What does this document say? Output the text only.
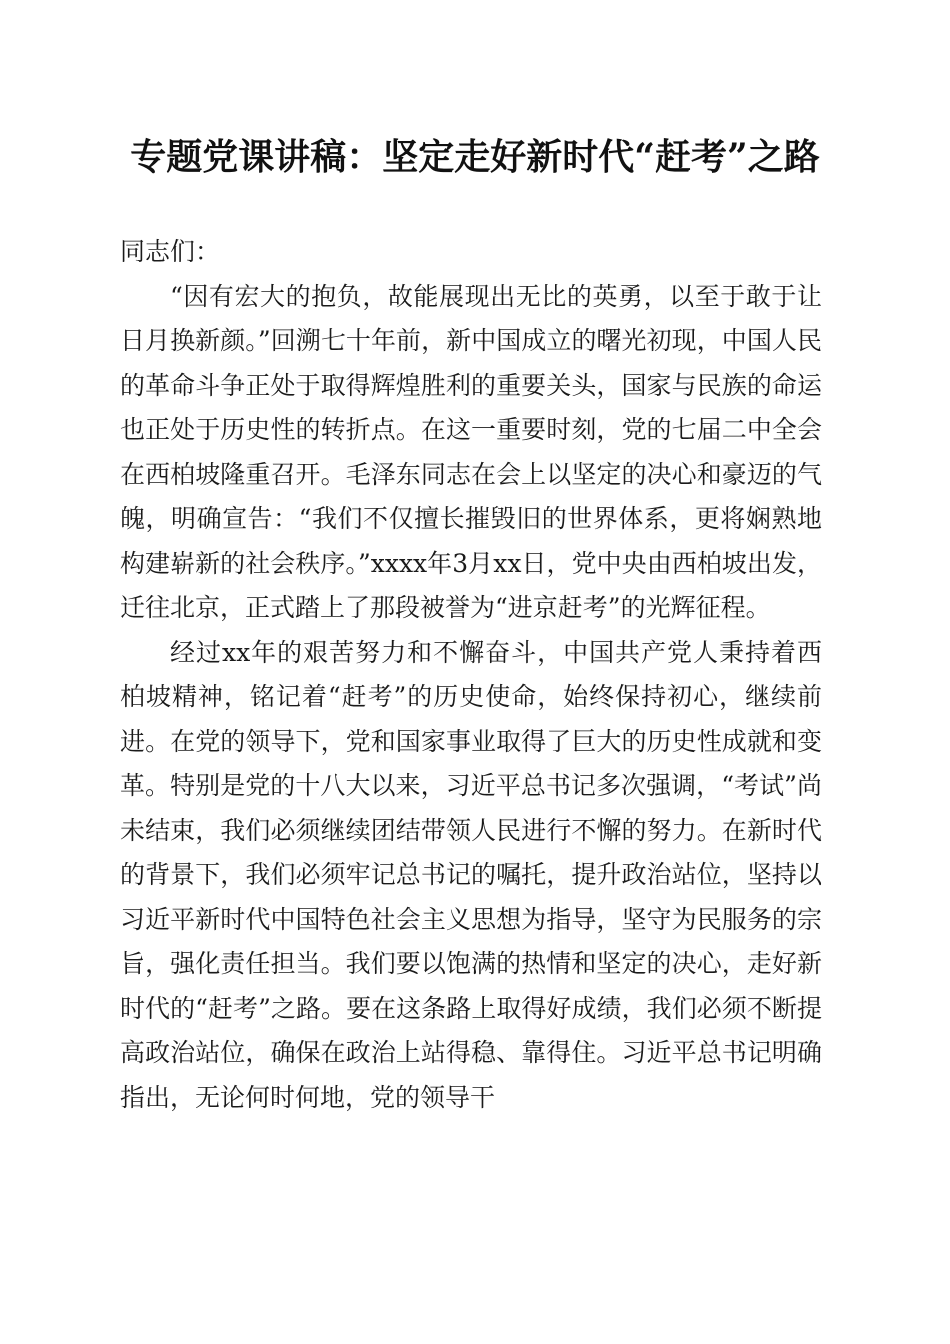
专题党课讲稿：坚定走好新时代“赶考”之路

同志们：

“因有宏大的抱负，故能展现出无比的英勇，以至于敢于让日月换新颜。”回溯七十年前，新中国成立的曙光初现，中国人民的革命斗争正处于取得辉煌胜利的重要关头，国家与民族的命运也正处于历史性的转折点。在这一重要时刻，党的七届二中全会在西柏坡隆重召开。毛泽东同志在会上以坚定的决心和豪迈的气魄，明确宣告：“我们不仅擅长摧毁旧的世界体系，更将娴熟地构建崭新的社会秩序。”xxxx年3月xx日，党中央由西柏坡出发，迁往北京，正式踏上了那段被誉为“进京赶考”的光辉征程。

经过xx年的艰苦努力和不懈奋斗，中国共产党人秉持着西柏坡精神，铭记着“赶考”的历史使命，始终保持初心，继续前进。在党的领导下，党和国家事业取得了巨大的历史性成就和变革。特别是党的十八大以来，习近平总书记多次强调，“考试”尚未结束，我们必须继续团结带领人民进行不懈的努力。在新时代的背景下，我们必须牢记总书记的嘱托，提升政治站位，坚持以习近平新时代中国特色社会主义思想为指导，坚守为民服务的宗旨，强化责任担当。我们要以饱满的热情和坚定的决心，走好新时代的“赶考”之路。要在这条路上取得好成绩，我们必须不断提高政治站位，确保在政治上站得稳、靠得住。习近平总书记明确指出，无论何时何地，党的领导干
